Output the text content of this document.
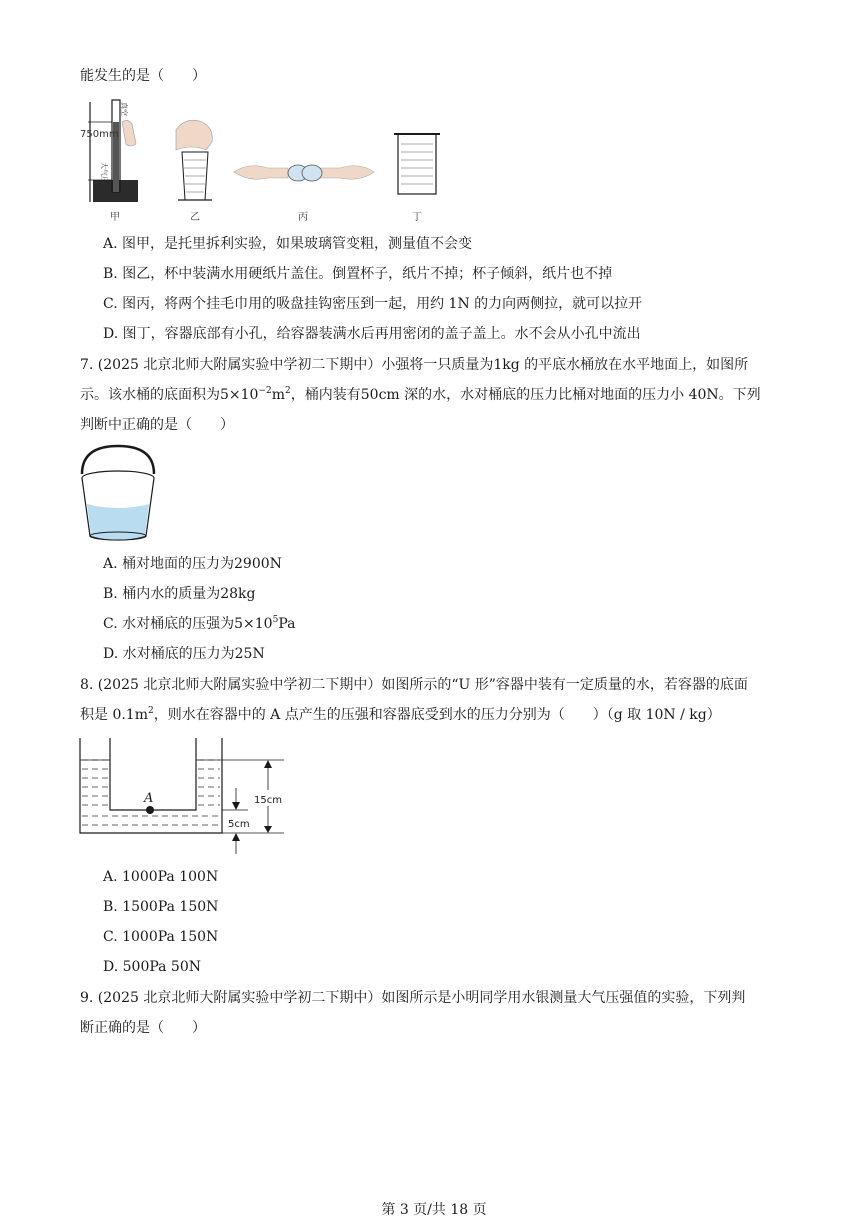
能发生的是（　　）
750mm
大气压
真空
甲	乙	丙	丁
A. 图甲，是托里拆利实验，如果玻璃管变粗，测量值不会变
B. 图乙，杯中装满水用硬纸片盖住。倒置杯子，纸片不掉；杯子倾斜，纸片也不掉
C. 图丙，将两个挂毛巾用的吸盘挂钩密压到一起，用约 1N 的力向两侧拉，就可以拉开
D. 图丁，容器底部有小孔，给容器装满水后再用密闭的盖子盖上。水不会从小孔中流出
7. (2025 北京北师大附属实验中学初二下期中）小强将一只质量为1kg 的平底水桶放在水平地面上，如图所
示。该水桶的底面积为$5\times 10^{-2}m^2$，桶内装有50cm 深的水，水对桶底的压力比桶对地面的压力小 40N。下列
判断中正确的是（　　）
A. 桶对地面的压力为2900N
B. 桶内水的质量为28kg
C. 水对桶底的压强为$5\times 10^5Pa$
D. 水对桶底的压力为25N
8. (2025 北京北师大附属实验中学初二下期中）如图所示的“U 形”容器中装有一定质量的水，若容器的底面
积是 $0.1m^2$，则水在容器中的 A 点产生的压强和容器底受到水的压力分别为（　　）（g 取 10N / kg）
A	15cm
5cm
A. 1000Pa 100N
B. 1500Pa 150N
C. 1000Pa 150N
D. 500Pa 50N
9. (2025 北京北师大附属实验中学初二下期中）如图所示是小明同学用水银测量大气压强值的实验，下列判
断正确的是（　　）
第 3 页/共 18 页
